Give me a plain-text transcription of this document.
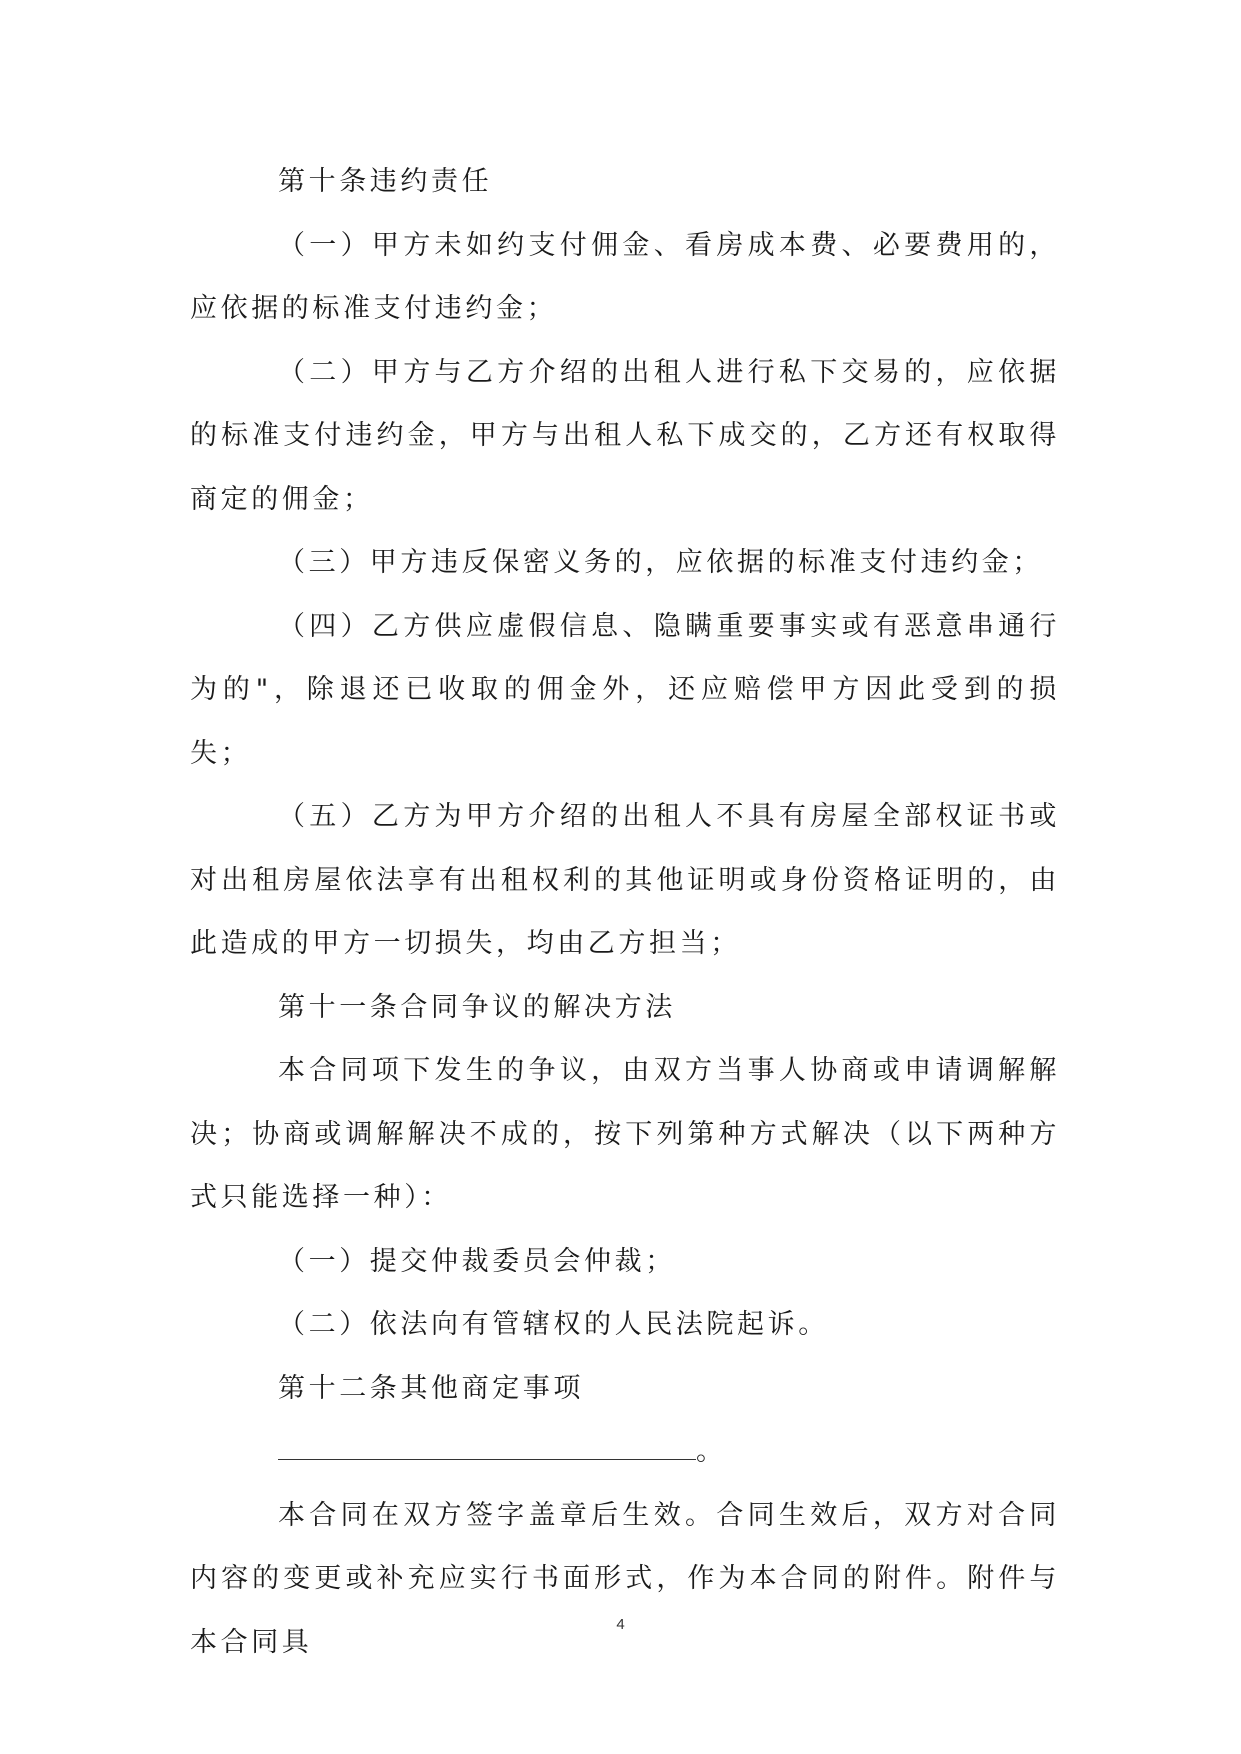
第十条违约责任

（一）甲方未如约支付佣金、看房成本费、必要费用的，应依据的标准支付违约金；

（二）甲方与乙方介绍的出租人进行私下交易的，应依据的标准支付违约金，甲方与出租人私下成交的，乙方还有权取得商定的佣金；

（三）甲方违反保密义务的，应依据的标准支付违约金；

（四）乙方供应虚假信息、隐瞒重要事实或有恶意串通行为的"，除退还已收取的佣金外，还应赔偿甲方因此受到的损失；

（五）乙方为甲方介绍的出租人不具有房屋全部权证书或对出租房屋依法享有出租权利的其他证明或身份资格证明的，由此造成的甲方一切损失，均由乙方担当；

第十一条合同争议的解决方法

本合同项下发生的争议，由双方当事人协商或申请调解解决；协商或调解解决不成的，按下列第种方式解决（以下两种方式只能选择一种）：

（一）提交仲裁委员会仲裁；

（二）依法向有管辖权的人民法院起诉。

第十二条其他商定事项

。

本合同在双方签字盖章后生效。合同生效后，双方对合同内容的变更或补充应实行书面形式，作为本合同的附件。附件与本合同具

4
